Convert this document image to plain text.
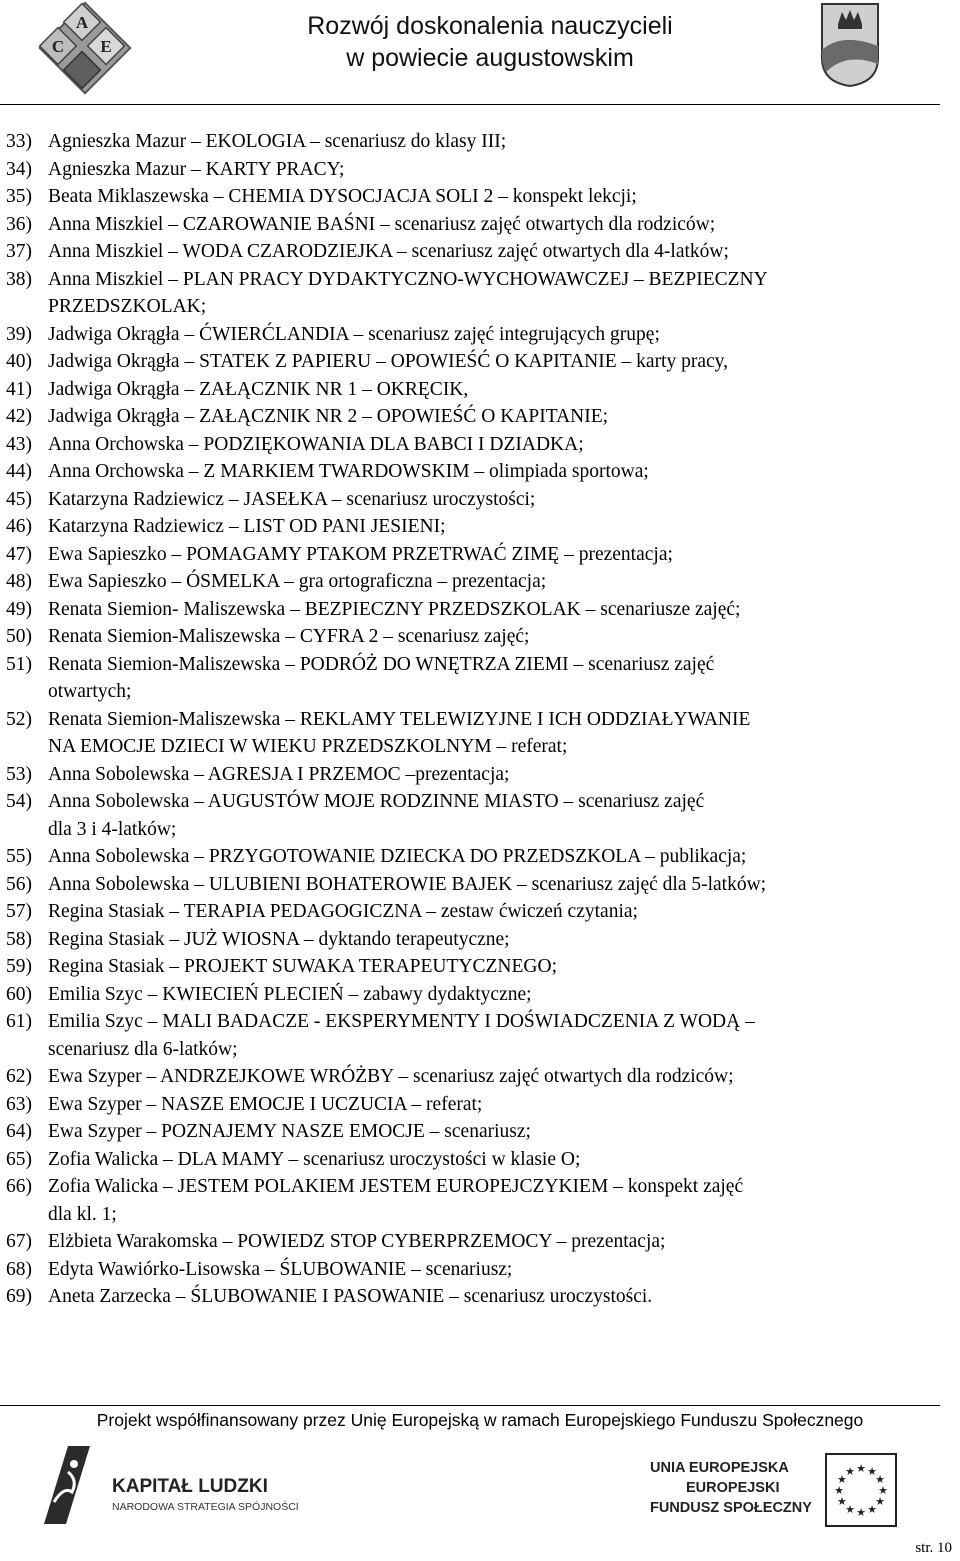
A
C E
Rozwój doskonalenia nauczycieli
w powiecie augustowskim
33) Agnieszka Mazur – EKOLOGIA – scenariusz do klasy III;
34) Agnieszka Mazur – KARTY PRACY;
35) Beata Miklaszewska – CHEMIA DYSOCJACJA SOLI 2 – konspekt lekcji;
36) Anna Miszkiel – CZAROWANIE BAŚNI – scenariusz zajęć otwartych dla rodziców;
37) Anna Miszkiel – WODA CZARODZIEJKA – scenariusz zajęć otwartych dla 4-latków;
38) Anna Miszkiel – PLAN PRACY DYDAKTYCZNO-WYCHOWAWCZEJ – BEZPIECZNY
PRZEDSZKOLAK;
39) Jadwiga Okrągła – ĆWIERĆLANDIA – scenariusz zajęć integrujących grupę;
40) Jadwiga Okrągła – STATEK Z PAPIERU – OPOWIEŚĆ O KAPITANIE – karty pracy,
41) Jadwiga Okrągła – ZAŁĄCZNIK NR 1 – OKRĘCIK,
42) Jadwiga Okrągła – ZAŁĄCZNIK NR 2 – OPOWIEŚĆ O KAPITANIE;
43) Anna Orchowska – PODZIĘKOWANIA DLA BABCI I DZIADKA;
44) Anna Orchowska – Z MARKIEM TWARDOWSKIM – olimpiada sportowa;
45) Katarzyna Radziewicz – JASEŁKA – scenariusz uroczystości;
46) Katarzyna Radziewicz – LIST OD PANI JESIENI;
47) Ewa Sapieszko – POMAGAMY PTAKOM PRZETRWAĆ ZIMĘ – prezentacja;
48) Ewa Sapieszko – ÓSMELKA – gra ortograficzna – prezentacja;
49) Renata Siemion- Maliszewska – BEZPIECZNY PRZEDSZKOLAK – scenariusze zajęć;
50) Renata Siemion-Maliszewska – CYFRA 2 – scenariusz zajęć;
51) Renata Siemion-Maliszewska – PODRÓŻ DO WNĘTRZA ZIEMI – scenariusz zajęć
otwartych;
52) Renata Siemion-Maliszewska – REKLAMY TELEWIZYJNE I ICH ODDZIAŁYWANIE
NA EMOCJE DZIECI W WIEKU PRZEDSZKOLNYM – referat;
53) Anna Sobolewska – AGRESJA I PRZEMOC –prezentacja;
54) Anna Sobolewska – AUGUSTÓW MOJE RODZINNE MIASTO – scenariusz zajęć
dla 3 i 4-latków;
55) Anna Sobolewska – PRZYGOTOWANIE DZIECKA DO PRZEDSZKOLA – publikacja;
56) Anna Sobolewska – ULUBIENI BOHATEROWIE BAJEK – scenariusz zajęć dla 5-latków;
57) Regina Stasiak – TERAPIA PEDAGOGICZNA – zestaw ćwiczeń czytania;
58) Regina Stasiak – JUŻ WIOSNA – dyktando terapeutyczne;
59) Regina Stasiak – PROJEKT SUWAKA TERAPEUTYCZNEGO;
60) Emilia Szyc – KWIECIEŃ PLECIEŃ – zabawy dydaktyczne;
61) Emilia Szyc – MALI BADACZE - EKSPERYMENTY I DOŚWIADCZENIA Z WODĄ –
scenariusz dla 6-latków;
62) Ewa Szyper – ANDRZEJKOWE WRÓŻBY – scenariusz zajęć otwartych dla rodziców;
63) Ewa Szyper – NASZE EMOCJE I UCZUCIA – referat;
64) Ewa Szyper – POZNAJEMY NASZE EMOCJE – scenariusz;
65) Zofia Walicka – DLA MAMY – scenariusz uroczystości w klasie O;
66) Zofia Walicka – JESTEM POLAKIEM JESTEM EUROPEJCZYKIEM – konspekt zajęć
dla kl. 1;
67) Elżbieta Warakomska – POWIEDZ STOP CYBERPRZEMOCY – prezentacja;
68) Edyta Wawiórko-Lisowska – ŚLUBOWANIE – scenariusz;
69) Aneta Zarzecka – ŚLUBOWANIE I PASOWANIE – scenariusz uroczystości.
Projekt współfinansowany przez Unię Europejską w ramach Europejskiego Funduszu Społecznego
KAPITAŁ LUDZKI
NARODOWA STRATEGIA SPÓJNOŚCI
UNIA EUROPEJSKA
EUROPEJSKI
FUNDUSZ SPOŁECZNY
★ ★
★
★
★
★
★
★
★
★
★
★
str. 10
